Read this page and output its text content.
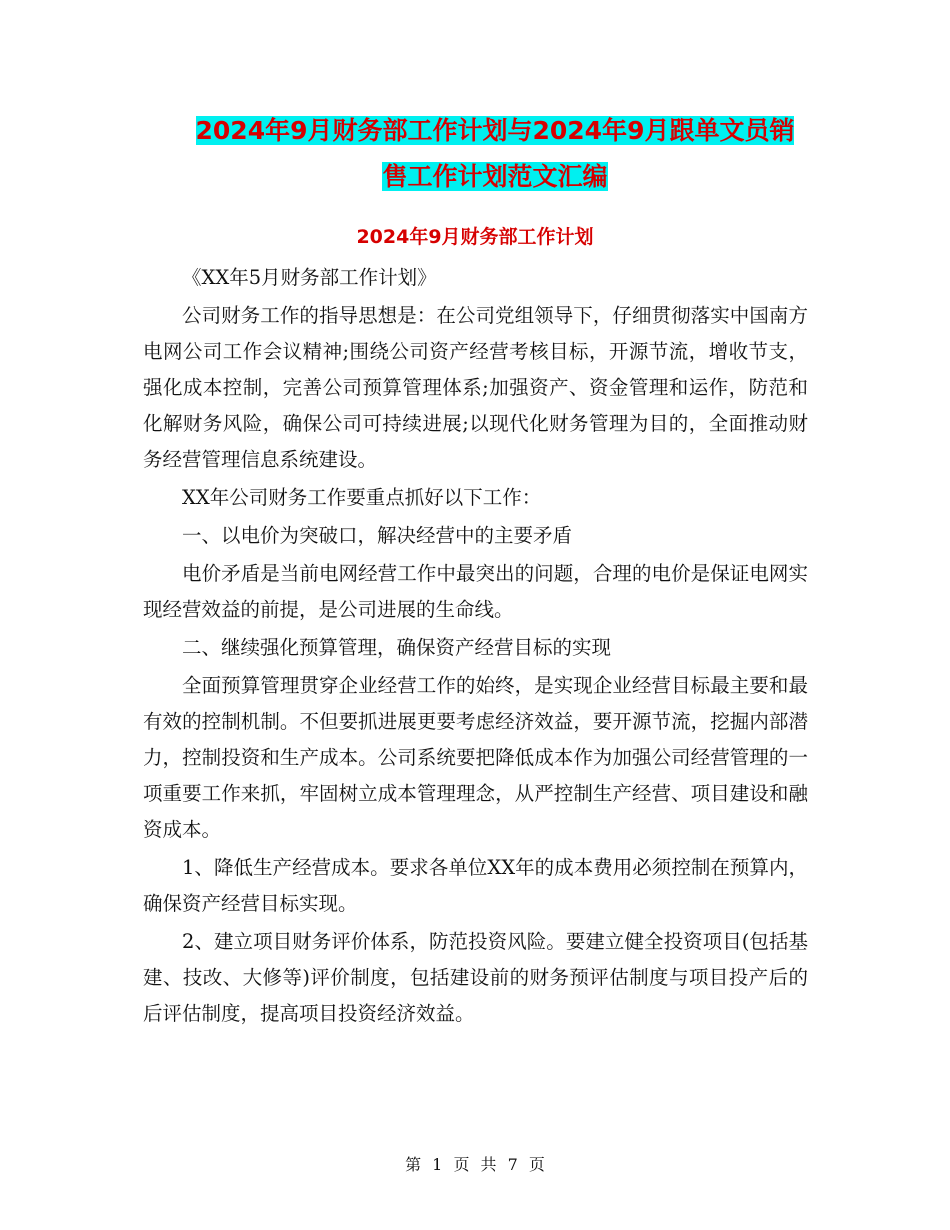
2024年9月财务部工作计划与2024年9月跟单文员销
售工作计划范文汇编
2024年9月财务部工作计划

《XX年5月财务部工作计划》

公司财务工作的指导思想是：在公司党组领导下，仔细贯彻落实中国南方电网公司工作会议精神;围绕公司资产经营考核目标，开源节流，增收节支，强化成本控制，完善公司预算管理体系;加强资产、资金管理和运作，防范和化解财务风险，确保公司可持续进展;以现代化财务管理为目的，全面推动财务经营管理信息系统建设。

XX年公司财务工作要重点抓好以下工作：

一、以电价为突破口，解决经营中的主要矛盾

电价矛盾是当前电网经营工作中最突出的问题，合理的电价是保证电网实现经营效益的前提，是公司进展的生命线。

二、继续强化预算管理，确保资产经营目标的实现

全面预算管理贯穿企业经营工作的始终，是实现企业经营目标最主要和最有效的控制机制。不但要抓进展更要考虑经济效益，要开源节流，挖掘内部潜力，控制投资和生产成本。公司系统要把降低成本作为加强公司经营管理的一项重要工作来抓，牢固树立成本管理理念，从严控制生产经营、项目建设和融资成本。

1、降低生产经营成本。要求各单位XX年的成本费用必须控制在预算内，确保资产经营目标实现。

2、建立项目财务评价体系，防范投资风险。要建立健全投资项目(包括基建、技改、大修等)评价制度，包括建设前的财务预评估制度与项目投产后的后评估制度，提高项目投资经济效益。

第 1 页 共 7 页
